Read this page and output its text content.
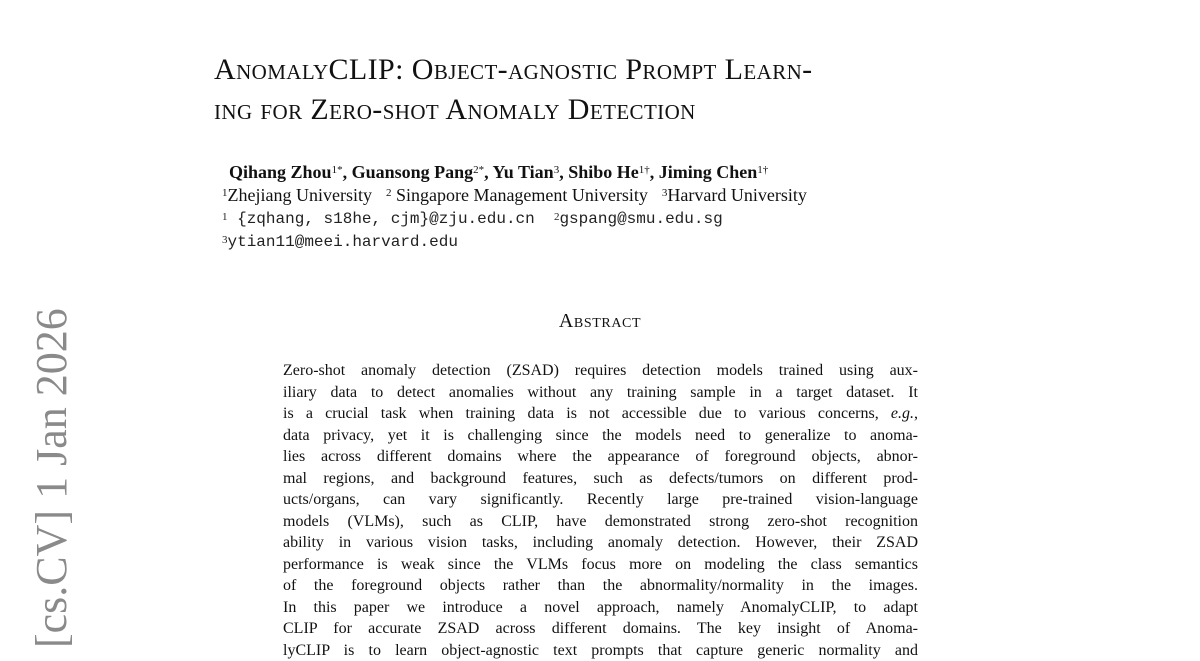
AnomalyCLIP: Object-agnostic Prompt Learn-
ing for Zero-shot Anomaly Detection
Qihang Zhou$^{1*}$, Guansong Pang$^{2*}$, Yu Tian$^3$, Shibo $He^{1\dagger}$, Jiming Chen$^{1\dagger}$
$^1$Zhejiang University $^2$ Singapore Management University $^3$Harvard University
$^1$ {zqhang, s18he, cjm}@zju.edu.cn $^2$gspang@smu.edu.sg
$^3$ytian11@meei.harvard.edu
Abstract
Zero-shot anomaly detection (ZSAD) requires detection models trained using aux-
iliary data to detect anomalies without any training sample in a target dataset. It
is a crucial task when training data is not accessible due to various concerns, e.g.,
data privacy, yet it is challenging since the models need to generalize to anoma-
lies across different domains where the appearance of foreground objects, abnor-
mal regions, and background features, such as defects/tumors on different prod-
ucts/organs, can vary significantly. Recently large pre-trained vision-language
models (VLMs), such as CLIP, have demonstrated strong zero-shot recognition
ability in various vision tasks, including anomaly detection. However, their ZSAD
performance is weak since the VLMs focus more on modeling the class semantics
of the foreground objects rather than the abnormality/normality in the images.
In this paper we introduce a novel approach, namely AnomalyCLIP, to adapt
CLIP for accurate ZSAD across different domains. The key insight of Anoma-
lyCLIP is to learn object-agnostic text prompts that capture generic normality and
[cs.CV] 1 Jan 2026
